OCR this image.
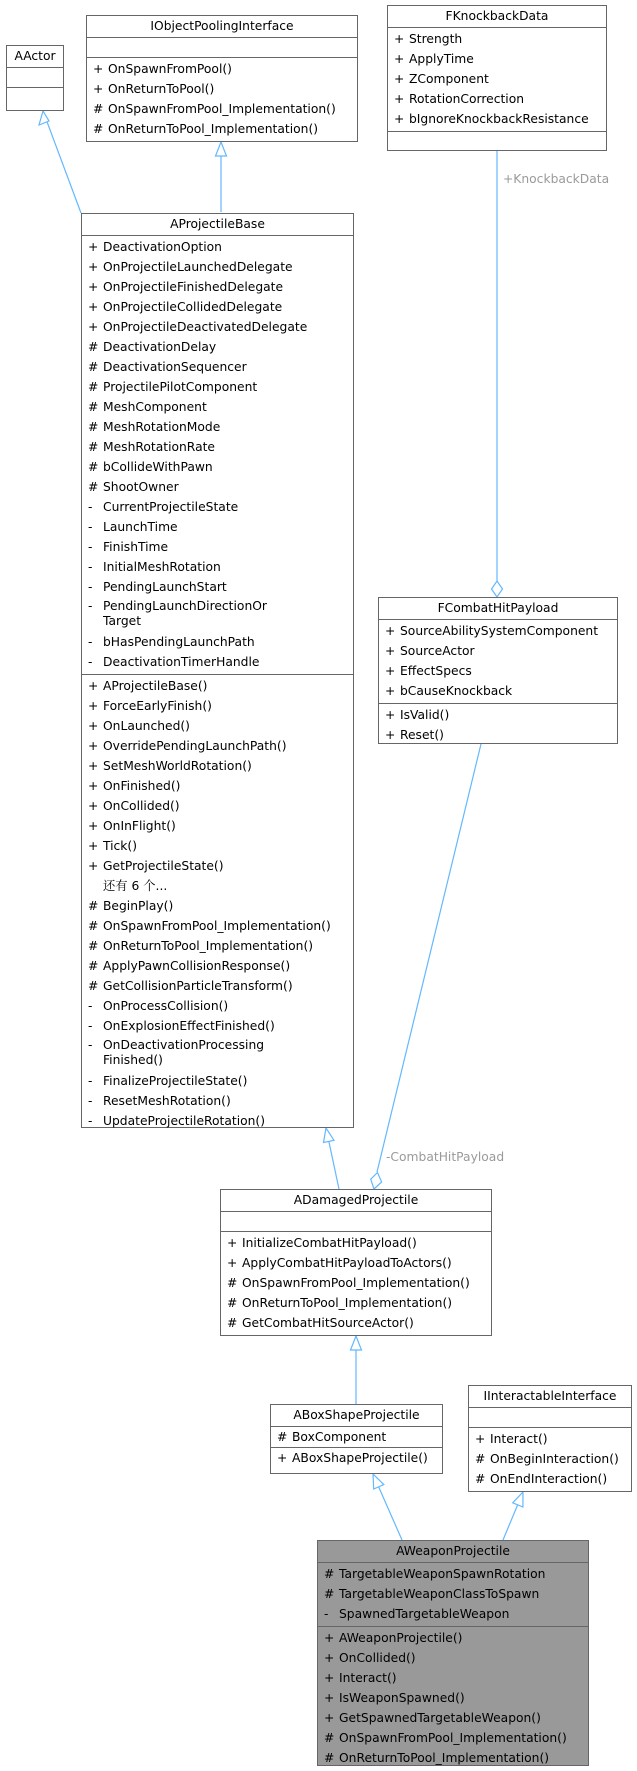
+KnockbackData
-CombatHitPayload
AActor
IObjectPoolingInterface
+ OnSpawnFromPool()
+ OnReturnToPool()
# OnSpawnFromPool_Implementation()
# OnReturnToPool_Implementation()
FKnockbackData
+ Strength
+ ApplyTime
+ ZComponent
+ RotationCorrection
+ bIgnoreKnockbackResistance
AProjectileBase
+ DeactivationOption
+ OnProjectileLaunchedDelegate
+ OnProjectileFinishedDelegate
+ OnProjectileCollidedDelegate
+ OnProjectileDeactivatedDelegate
# DeactivationDelay
# DeactivationSequencer
# ProjectilePilotComponent
# MeshComponent
# MeshRotationMode
# MeshRotationRate
# bCollideWithPawn
# ShootOwner
- CurrentProjectileState
- LaunchTime
- FinishTime
- InitialMeshRotation
- PendingLaunchStart
- PendingLaunchDirectionOr
Target
- bHasPendingLaunchPath
- DeactivationTimerHandle
+ AProjectileBase()
+ ForceEarlyFinish()
+ OnLaunched()
+ OverridePendingLaunchPath()
+ SetMeshWorldRotation()
+ OnFinished()
+ OnCollided()
+ OnInFlight()
+ Tick()
+ GetProjectileState()
还有 6 个...
# BeginPlay()
# OnSpawnFromPool_Implementation()
# OnReturnToPool_Implementation()
# ApplyPawnCollisionResponse()
# GetCollisionParticleTransform()
- OnProcessCollision()
- OnExplosionEffectFinished()
- OnDeactivationProcessing
Finished()
- FinalizeProjectileState()
- ResetMeshRotation()
- UpdateProjectileRotation()
FCombatHitPayload
+ SourceAbilitySystemComponent
+ SourceActor
+ EffectSpecs
+ bCauseKnockback
+ IsValid()
+ Reset()
ADamagedProjectile
+ InitializeCombatHitPayload()
+ ApplyCombatHitPayloadToActors()
# OnSpawnFromPool_Implementation()
# OnReturnToPool_Implementation()
# GetCombatHitSourceActor()
ABoxShapeProjectile
# BoxComponent
+ ABoxShapeProjectile()
IInteractableInterface
+ Interact()
# OnBeginInteraction()
# OnEndInteraction()
AWeaponProjectile
# TargetableWeaponSpawnRotation
# TargetableWeaponClassToSpawn
- SpawnedTargetableWeapon
+ AWeaponProjectile()
+ OnCollided()
+ Interact()
+ IsWeaponSpawned()
+ GetSpawnedTargetableWeapon()
# OnSpawnFromPool_Implementation()
# OnReturnToPool_Implementation()
